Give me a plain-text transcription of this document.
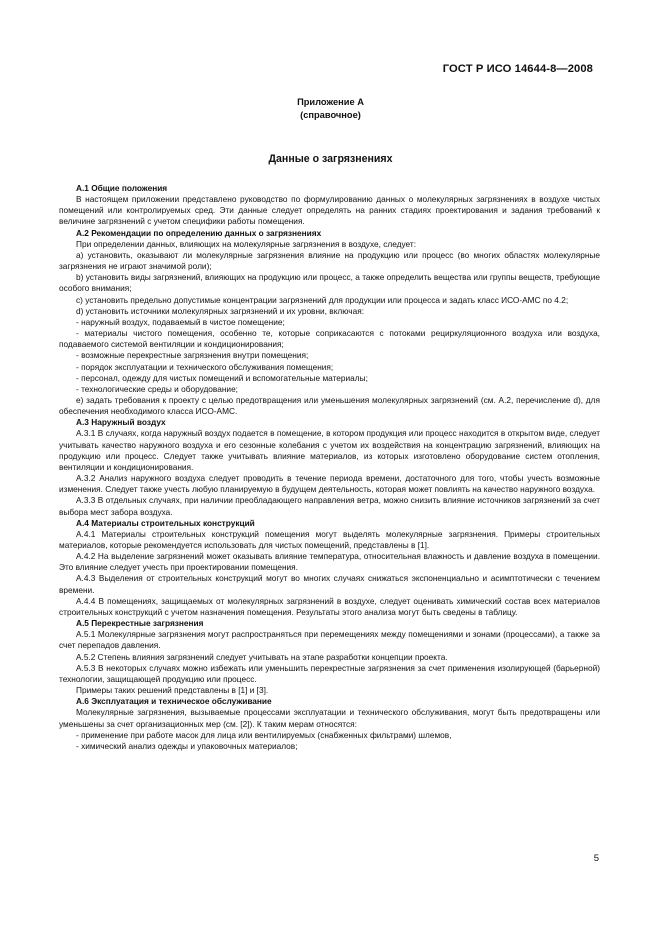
ГОСТ Р ИСО 14644-8—2008
Приложение А
(справочное)
Данные о загрязнениях

А.1 Общие положения

В настоящем приложении представлено руководство по формулированию данных о молекулярных загрязнениях в воздухе чистых помещений или контролируемых сред. Эти данные следует определять на ранних стадиях проектирования и задания требований к величине загрязнений с учетом специфики работы помещения.

А.2 Рекомендации по определению данных о загрязнениях

При определении данных, влияющих на молекулярные загрязнения в воздухе, следует:

а) установить, оказывают ли молекулярные загрязнения влияние на продукцию или процесс (во многих областях молекулярные загрязнения не играют значимой роли);

b) установить виды загрязнений, влияющих на продукцию или процесс, а также определить вещества или группы веществ, требующие особого внимания;

с) установить предельно допустимые концентрации загрязнений для продукции или процесса и задать класс ИСО-АМС по 4.2;

d) установить источники молекулярных загрязнений и их уровни, включая:

- наружный воздух, подаваемый в чистое помещение;

- материалы чистого помещения, особенно те, которые соприкасаются с потоками рециркуляционного воздуха или воздуха, подаваемого системой вентиляции и кондиционирования;

- возможные перекрестные загрязнения внутри помещения;

- порядок эксплуатации и технического обслуживания помещения;

- персонал, одежду для чистых помещений и вспомогательные материалы;

- технологические среды и оборудование;

е) задать требования к проекту с целью предотвращения или уменьшения молекулярных загрязнений (см. А.2, перечисление d), для обеспечения необходимого класса ИСО-АМС.

А.3 Наружный воздух

А.3.1 В случаях, когда наружный воздух подается в помещение, в котором продукция или процесс находится в открытом виде, следует учитывать качество наружного воздуха и его сезонные колебания с учетом их воздействия на концентрацию загрязнений, влияющих на продукцию или процесс. Следует также учитывать влияние материалов, из которых изготовлено оборудование систем отопления, вентиляции и кондиционирования.

А.3.2 Анализ наружного воздуха следует проводить в течение периода времени, достаточного для того, чтобы учесть возможные изменения. Следует также учесть любую планируемую в будущем деятельность, которая может повлиять на качество наружного воздуха.

А.3.3 В отдельных случаях, при наличии преобладающего направления ветра, можно снизить влияние источников загрязнений за счет выбора мест забора воздуха.

А.4 Материалы строительных конструкций

А.4.1 Материалы строительных конструкций помещения могут выделять молекулярные загрязнения. Примеры строительных материалов, которые рекомендуется использовать для чистых помещений, представлены в [1].

А.4.2 На выделение загрязнений может оказывать влияние температура, относительная влажность и давление воздуха в помещении. Это влияние следует учесть при проектировании помещения.

А.4.3 Выделения от строительных конструкций могут во многих случаях снижаться экспоненциально и асимптотически с течением времени.

А.4.4 В помещениях, защищаемых от молекулярных загрязнений в воздухе, следует оценивать химический состав всех материалов строительных конструкций с учетом назначения помещения. Результаты этого анализа могут быть сведены в таблицу.

А.5 Перекрестные загрязнения

А.5.1 Молекулярные загрязнения могут распространяться при перемещениях между помещениями и зонами (процессами), а также за счет перепадов давления.

А.5.2 Степень влияния загрязнений следует учитывать на этапе разработки концепции проекта.

А.5.3 В некоторых случаях можно избежать или уменьшить перекрестные загрязнения за счет применения изолирующей (барьерной) технологии, защищающей продукцию или процесс.

Примеры таких решений представлены в [1] и [3].

А.6 Эксплуатация и техническое обслуживание

Молекулярные загрязнения, вызываемые процессами эксплуатации и технического обслуживания, могут быть предотвращены или уменьшены за счет организационных мер (см. [2]). К таким мерам относятся:

- применение при работе масок для лица или вентилируемых (снабженных фильтрами) шлемов,

- химический анализ одежды и упаковочных материалов;

5
